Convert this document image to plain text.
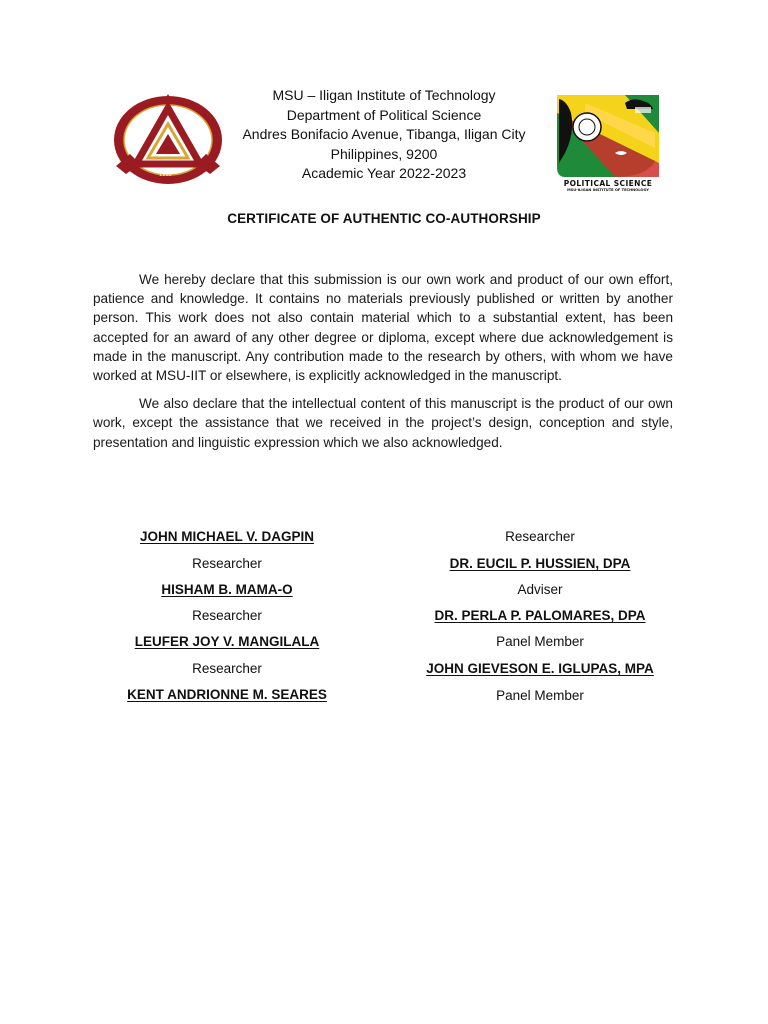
1968
POLITICAL SCIENCE
MSU-ILIGAN INSTITUTE OF TECHNOLOGY
MSU – Iligan Institute of Technology
Department of Political Science
Andres Bonifacio Avenue, Tibanga, Iligan City
Philippines, 9200
Academic Year 2022-2023
CERTIFICATE OF AUTHENTIC CO-AUTHORSHIP

We hereby declare that this submission is our own work and product of our own effort, patience and knowledge. It contains no materials previously published or written by another person. This work does not also contain material which to a substantial extent, has been accepted for an award of any other degree or diploma, except where due acknowledgement is made in the manuscript. Any contribution made to the research by others, with whom we have worked at MSU-IIT or elsewhere, is explicitly acknowledged in the manuscript.

We also declare that the intellectual content of this manuscript is the product of our own work, except the assistance that we received in the project’s design, conception and style, presentation and linguistic expression which we also acknowledged.

JOHN MICHAEL V. DAGPIN
Researcher
HISHAM B. MAMA-O
Researcher
LEUFER JOY V. MANGILALA
Researcher
KENT ANDRIONNE M. SEARES
Researcher
DR. EUCIL P. HUSSIEN, DPA
Adviser
DR. PERLA P. PALOMARES, DPA
Panel Member
JOHN GIEVESON E. IGLUPAS, MPA
Panel Member
